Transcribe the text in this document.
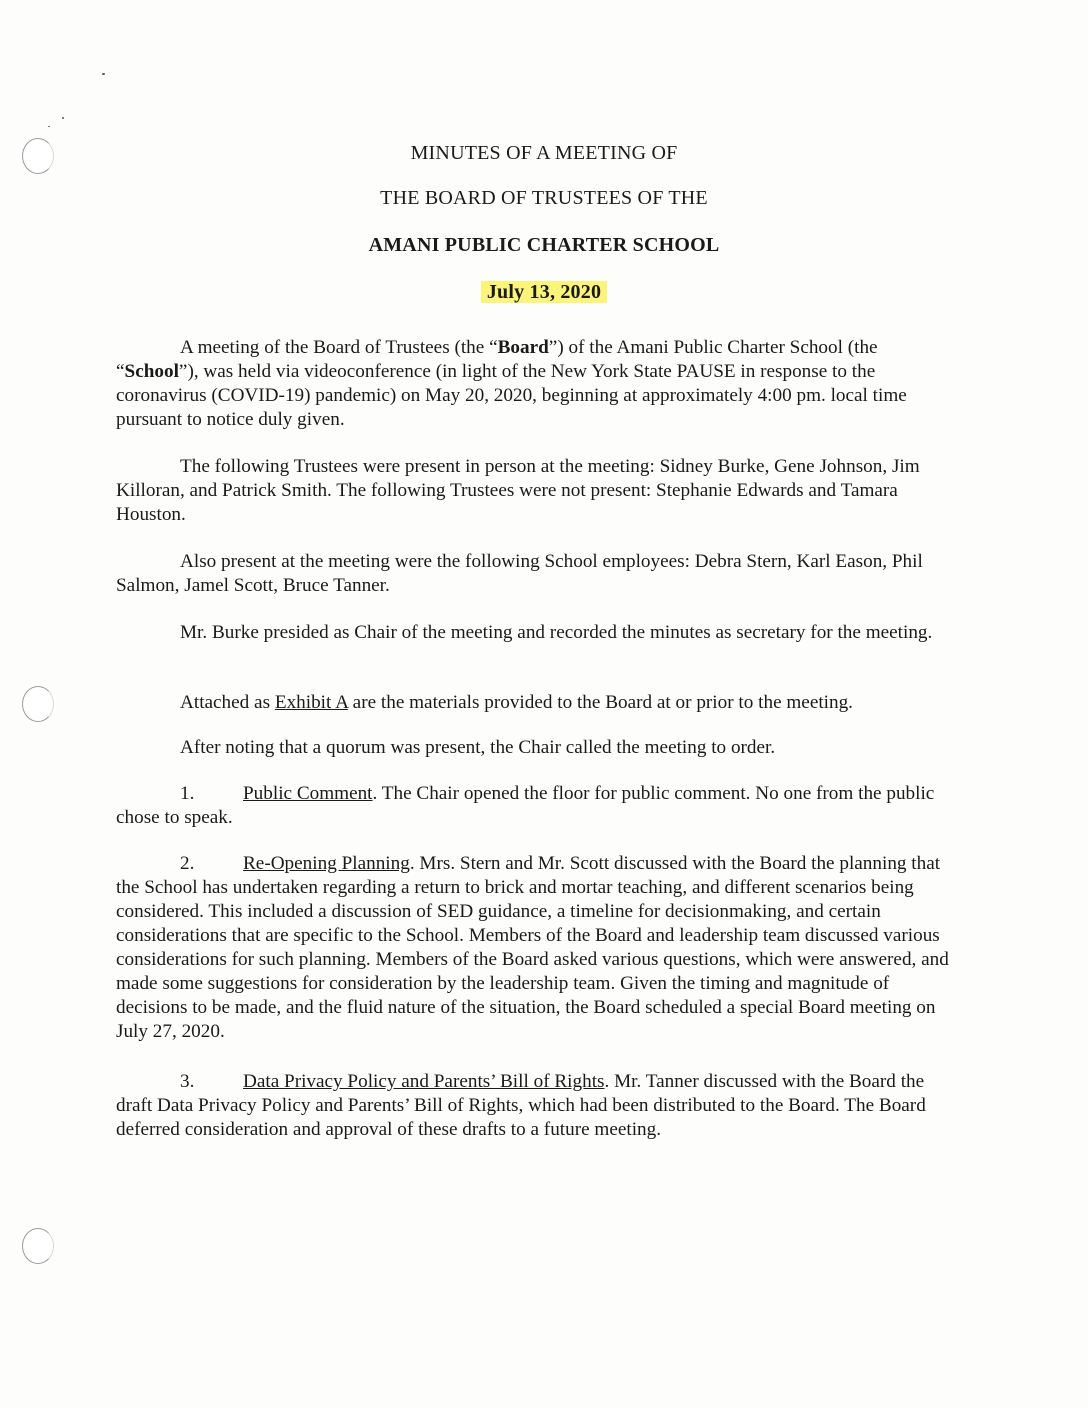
MINUTES OF A MEETING OF
THE BOARD OF TRUSTEES OF THE
AMANI PUBLIC CHARTER SCHOOL
July 13, 2020
A meeting of the Board of Trustees (the “Board”) of the Amani Public Charter School (the “School”), was held via videoconference (in light of the New York State PAUSE in response to the coronavirus (COVID-19) pandemic) on May 20, 2020, beginning at approximately 4:00 pm. local time pursuant to notice duly given.
The following Trustees were present in person at the meeting: Sidney Burke, Gene Johnson, Jim Killoran, and Patrick Smith. The following Trustees were not present: Stephanie Edwards and Tamara Houston.
Also present at the meeting were the following School employees: Debra Stern, Karl Eason, Phil Salmon, Jamel Scott, Bruce Tanner.
Mr. Burke presided as Chair of the meeting and recorded the minutes as secretary for the meeting.
Attached as Exhibit A are the materials provided to the Board at or prior to the meeting.
After noting that a quorum was present, the Chair called the meeting to order.
1.	Public Comment. The Chair opened the floor for public comment. No one from the public chose to speak.
2.	Re-Opening Planning. Mrs. Stern and Mr. Scott discussed with the Board the planning that the School has undertaken regarding a return to brick and mortar teaching, and different scenarios being considered. This included a discussion of SED guidance, a timeline for decisionmaking, and certain considerations that are specific to the School. Members of the Board and leadership team discussed various considerations for such planning. Members of the Board asked various questions, which were answered, and made some suggestions for consideration by the leadership team. Given the timing and magnitude of decisions to be made, and the fluid nature of the situation, the Board scheduled a special Board meeting on July 27, 2020.
3.	Data Privacy Policy and Parents’ Bill of Rights. Mr. Tanner discussed with the Board the draft Data Privacy Policy and Parents’ Bill of Rights, which had been distributed to the Board. The Board deferred consideration and approval of these drafts to a future meeting.
